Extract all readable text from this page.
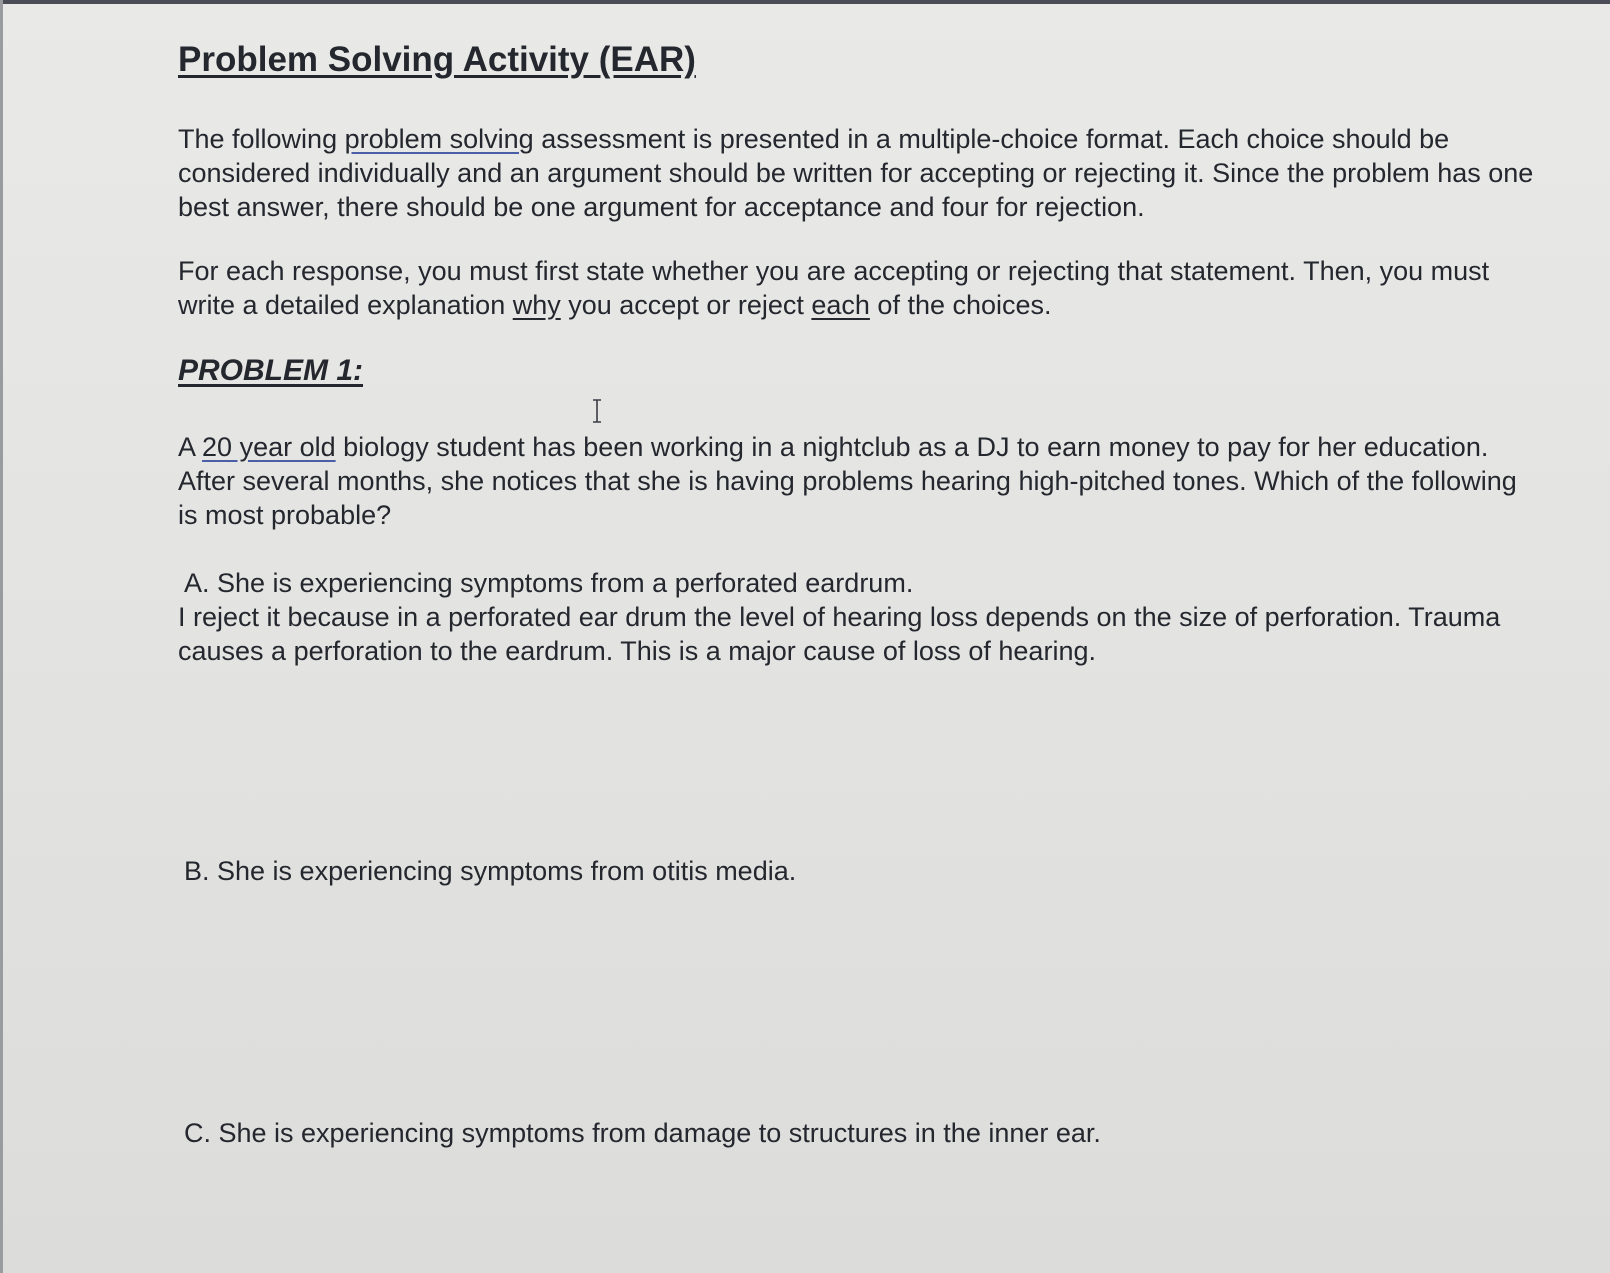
Problem Solving Activity (EAR)

The following problem solving assessment is presented in a multiple-choice format. Each choice should be considered individually and an argument should be written for accepting or rejecting it. Since the problem has one best answer, there should be one argument for acceptance and four for rejection.

For each response, you must first state whether you are accepting or rejecting that statement. Then, you must write a detailed explanation why you accept or reject each of the choices.

PROBLEM 1:

A 20 year old biology student has been working in a nightclub as a DJ to earn money to pay for her education. After several months, she notices that she is having problems hearing high-pitched tones. Which of the following is most probable?

A. She is experiencing symptoms from a perforated eardrum.

I reject it because in a perforated ear drum the level of hearing loss depends on the size of perforation. Trauma causes a perforation to the eardrum. This is a major cause of loss of hearing.

B. She is experiencing symptoms from otitis media.

C. She is experiencing symptoms from damage to structures in the inner ear.
